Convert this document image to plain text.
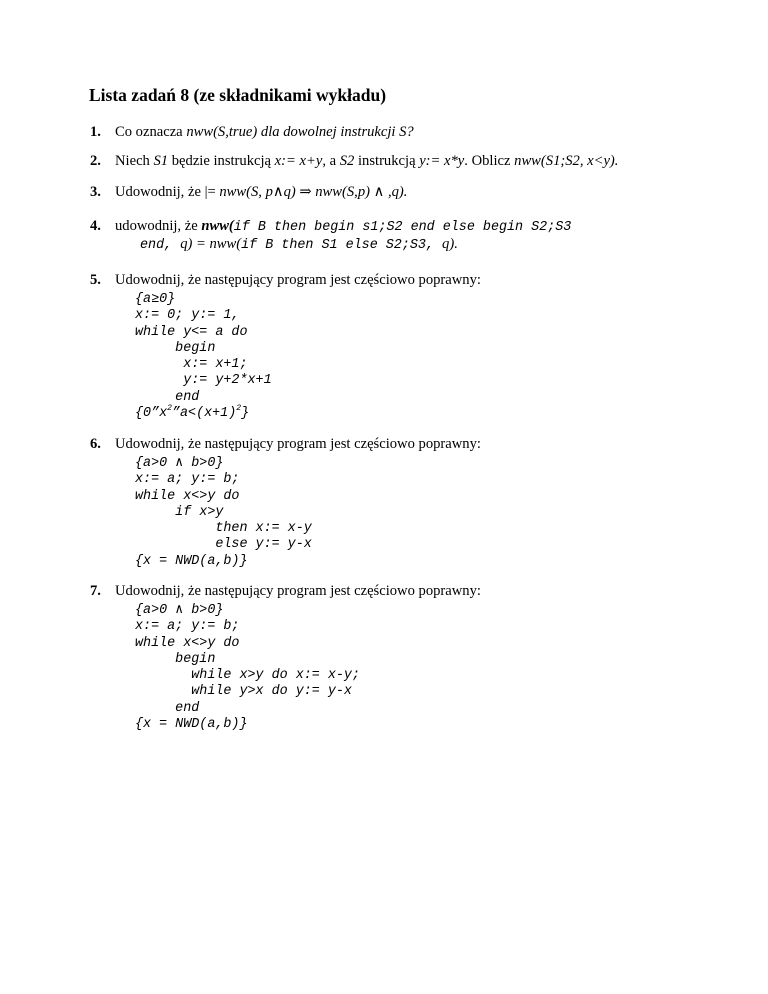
Lista zadań 8 (ze składnikami wykładu)
1. Co oznacza nww(S,true) dla dowolnej instrukcji S?
2. Niech S1 będzie instrukcją x:= x+y, a S2 instrukcją y:= x*y. Oblicz nww(S1;S2, x<y).
3. Udowodnij, że |= nww(S, p∧q) ⇒ nww(S,p) ∧ ,q).
4. udowodnij, że nww(if B then begin s1;S2 end else begin S2;S3
end, q) = nww(if B then S1 else S2;S3, q).
5. Udowodnij, że następujący program jest częściowo poprawny:
{a≥0}
x:= 0; y:= 1,
while y<= a do
begin
x:= x+1;
y:= y+2*x+1
end
$\{0”x^2”a<(x+1)^2\}$
6. Udowodnij, że następujący program jest częściowo poprawny:
{a>0 ∧ b>0}
x:= a; y:= b;
while x<>y do
if x>y
then x:= x-y
else y:= y-x
{x = NWD(a,b)}
7. Udowodnij, że następujący program jest częściowo poprawny:
{a>0 ∧ b>0}
x:= a; y:= b;
while x<>y do
begin
while x>y do x:= x-y;
while y>x do y:= y-x
end
{x = NWD(a,b)}
